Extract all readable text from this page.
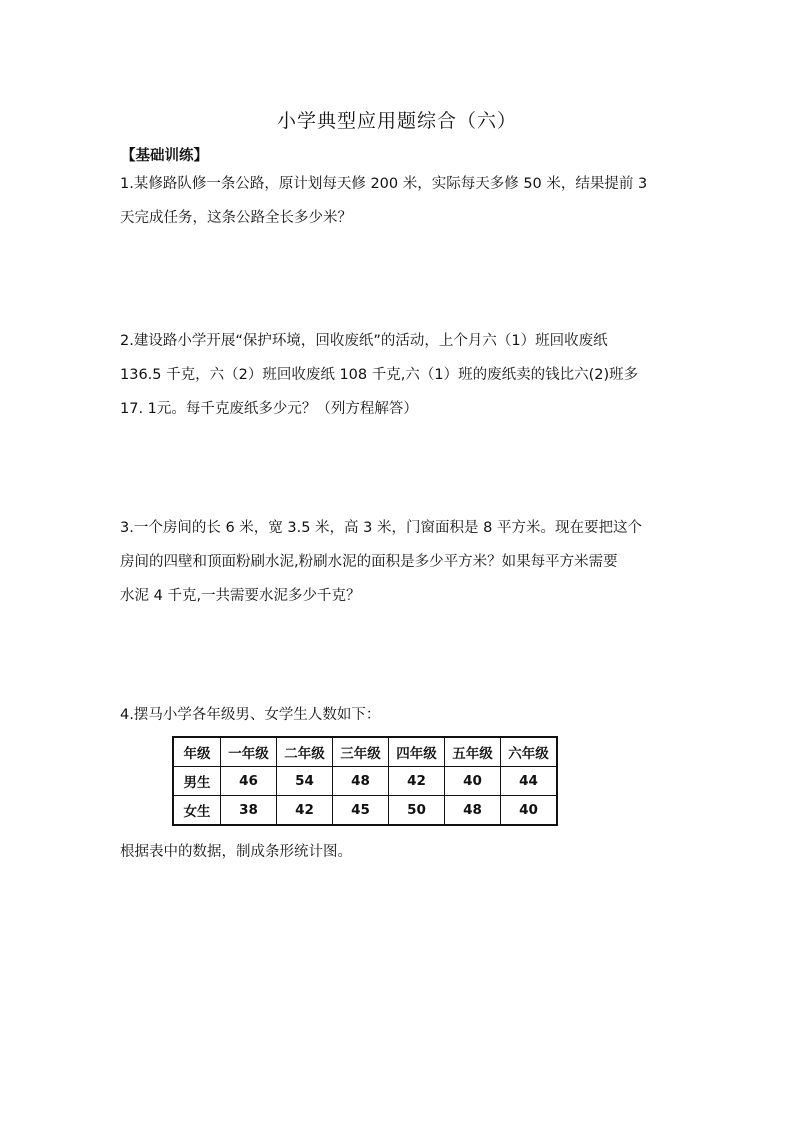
小学典型应用题综合（六）
【基础训练】

1.某修路队修一条公路，原计划每天修 200 米，实际每天多修 50 米，结果提前 3

天完成任务，这条公路全长多少米？

2.建设路小学开展“保护环境，回收废纸”的活动，上个月六（1）班回收废纸

136.5 千克，六（2）班回收废纸 108 千克,六（1）班的废纸卖的钱比六(2)班多

17. 1元。每千克废纸多少元？（列方程解答）

3.一个房间的长 6 米，宽 3.5 米，高 3 米，门窗面积是 8 平方米。现在要把这个

房间的四壁和顶面粉刷水泥,粉刷水泥的面积是多少平方米？如果每平方米需要

水泥 4 千克,一共需要水泥多少千克？

4.摆马小学各年级男、女学生人数如下：

年级	一年级	二年级	三年级	四年级	五年级	六年级
男生	46	54	48	42	40	44
女生	38	42	45	50	48	40
根据表中的数据，制成条形统计图。
